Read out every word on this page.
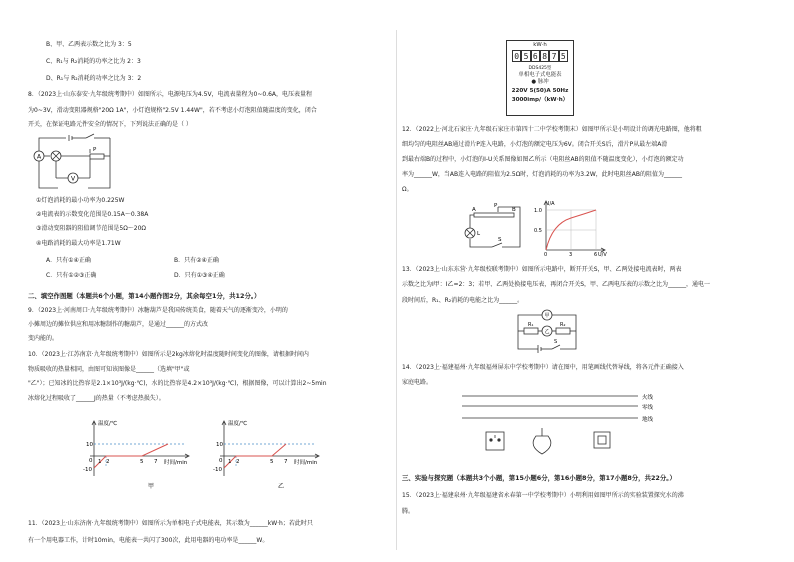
B、甲、乙两表示数之比为 3：5
C、R₁与 R₂消耗的功率之比为 2：3
D、R₁与 R₂消耗的功率之比为 3：2
8．（2023上·山东泰安·九年级统考期中）如图所示，电源电压为4.5V，电流表量程为0~0.6A，电压表量程
为0~3V，滑动变阻器规格"20Ω 1A"，小灯泡规格"2.5V 1.44W"，若不考虑小灯泡阻值随温度的变化，闭合
开关，在保证电路元件安全的情况下，下列说法正确的是（ ）
A
V
P
①灯泡消耗的最小功率为0.225W
②电流表的示数变化范围是0.15A～0.38A
③滑动变阻器的阻值调节范围是5Ω～20Ω
④电路消耗的最大功率是1.71W
A．只有①④正确	B．只有②④正确
C．只有①②③正确	D．只有①③④正确
二、填空作图题（本题共6个小题，第14小题作图2分，其余每空1分，共12分。）
9．（2023上·河南周口·九年级统考期中）冰糖葫芦是我国传统美食，随着天气的逐渐变冷，小明的
小摊周边的摊位供应和用冰糖制作的糖葫芦，是通过______的方式改
变内能的。
10．（2023上·江苏南京·九年级统考期中）如图所示是2kg冰熔化时温度随时间变化的图像，请根据时间内
物质吸收的热量相同，由图可知该图像是______（选填"甲"或
"乙"）；已知冰的比热容是2.1×10³J/(kg·℃)，水的比热容是4.2×10³J/(kg·℃)，根据图像，可以计算出2~5min
冰熔化过程吸收了______J的热量（不考虑热损失）。
温度/℃
时间/min
10
0
-10
1 2	5 7
甲
温度/℃
时间/min
10
0
-10
1 2	5 7
乙
11．（2023上·山东济南·九年级统考期中）如图所示为单相电子式电能表，其示数为______kW·h；若此时只
有一个用电器工作，计时10min，电能表一共闪了300次，此用电器的电功率是______W。
kW·h
0 5 6 8 7 5
DDS425型
单相电子式电能表
● 脉冲
220V 5(50)A 50Hz
3000imp/（kW·h）
12．（2022上·河北石家庄·九年级石家庄市第四十二中学校考期末）如图甲所示是小明设计的调光电路图，他将粗
细均匀的电阻丝AB通过滑片P连入电路，小灯泡的额定电压为6V。闭合开关S后，滑片P从最左端A滑
到最右端B的过程中，小灯泡的I-U关系图像如图乙所示（电阻丝AB的阻值不随温度变化），小灯泡的额定功
率为______W，当AB连入电路的阻值为2.5Ω时，灯泡消耗的功率为3.2W，此时电阻丝AB的阻值为______
Ω。
A
P
B
L
S
I/A
U/V
1.0
0.5
0	3	6
13．（2023上·山东东营·九年级校联考期中）如图所示电路中，断开开关S，甲、乙两处接电流表时，两表
示数之比为I甲：I乙=2：3；若甲、乙两处换接电压表，再闭合开关S，甲、乙两电压表的示数之比为______，通电一
段时间后，R₁、R₂消耗的电能之比为______。
甲
R₁
乙
R₂
S
14．（2023上·福建福州·九年级福州屏东中学校考期中）请在图中，用笔画线代替导线，将各元件正确接入
家庭电路。
火线
零线
地线
三、实验与探究题（本题共3个小题，第15小题6分，第16小题8分，第17小题8分，共22分。）
15．（2023上·福建泉州·九年级福建省永春第一中学校考期中）小明利用如图甲所示的实验装置探究水的沸
腾。
